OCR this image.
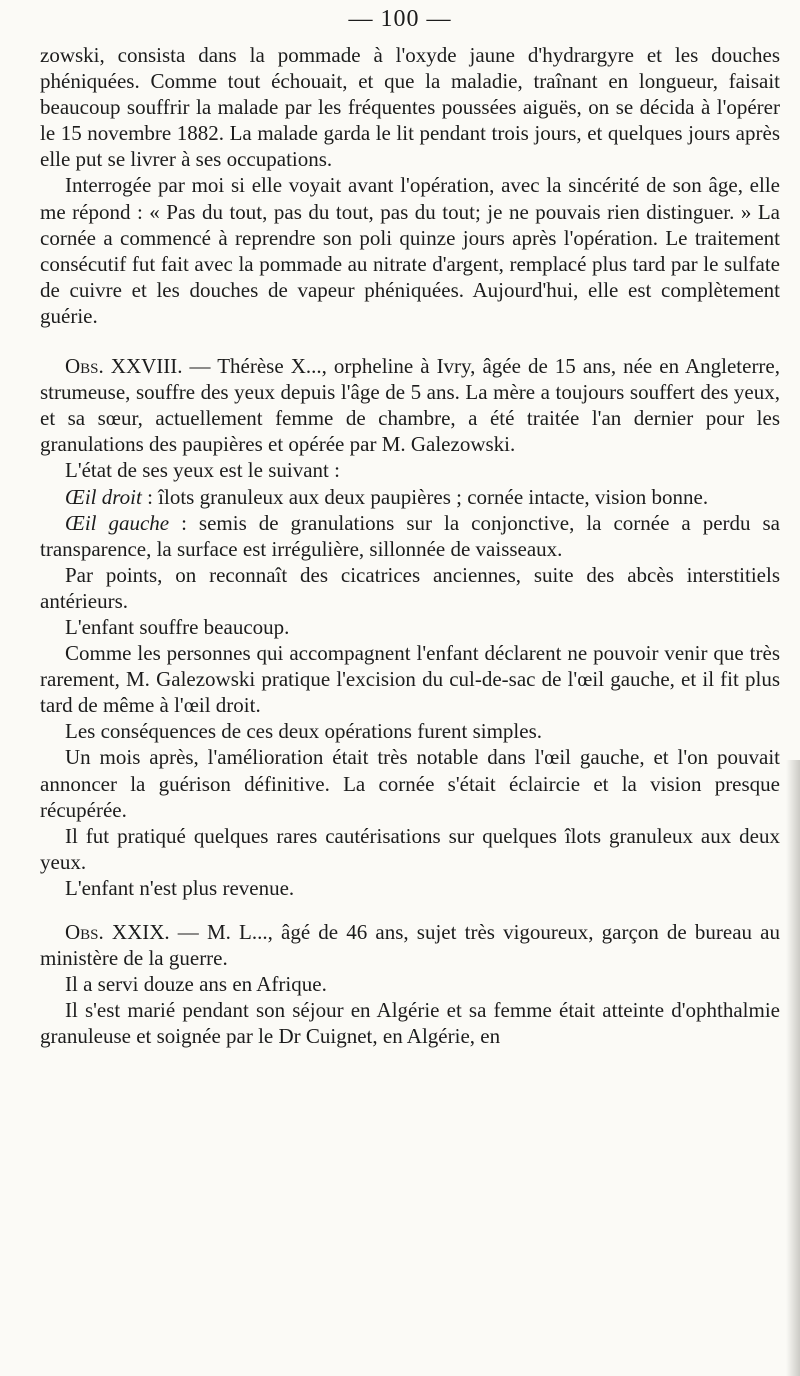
— 100 —

zowski, consista dans la pommade à l'oxyde jaune d'hydrargyre et les douches phéniquées. Comme tout échouait, et que la maladie, traînant en longueur, faisait beaucoup souffrir la malade par les fréquentes poussées aiguës, on se décida à l'opérer le 15 novembre 1882. La malade garda le lit pendant trois jours, et quelques jours après elle put se livrer à ses occupations.

Interrogée par moi si elle voyait avant l'opération, avec la sincérité de son âge, elle me répond : « Pas du tout, pas du tout, pas du tout; je ne pouvais rien distinguer. » La cornée a commencé à reprendre son poli quinze jours après l'opération. Le traitement consécutif fut fait avec la pommade au nitrate d'argent, remplacé plus tard par le sulfate de cuivre et les douches de vapeur phéniquées. Aujourd'hui, elle est complètement guérie.

Obs. XXVIII. — Thérèse X..., orpheline à Ivry, âgée de 15 ans, née en Angleterre, strumeuse, souffre des yeux depuis l'âge de 5 ans. La mère a toujours souffert des yeux, et sa sœur, actuellement femme de chambre, a été traitée l'an dernier pour les granulations des paupières et opérée par M. Galezowski.

L'état de ses yeux est le suivant :

Œil droit : îlots granuleux aux deux paupières ; cornée intacte, vision bonne.

Œil gauche : semis de granulations sur la conjonctive, la cornée a perdu sa transparence, la surface est irrégulière, sillonnée de vaisseaux.

Par points, on reconnaît des cicatrices anciennes, suite des abcès interstitiels antérieurs.

L'enfant souffre beaucoup.

Comme les personnes qui accompagnent l'enfant déclarent ne pouvoir venir que très rarement, M. Galezowski pratique l'excision du cul-de-sac de l'œil gauche, et il fit plus tard de même à l'œil droit.

Les conséquences de ces deux opérations furent simples.

Un mois après, l'amélioration était très notable dans l'œil gauche, et l'on pouvait annoncer la guérison définitive. La cornée s'était éclaircie et la vision presque récupérée.

Il fut pratiqué quelques rares cautérisations sur quelques îlots granuleux aux deux yeux.

L'enfant n'est plus revenue.

Obs. XXIX. — M. L..., âgé de 46 ans, sujet très vigoureux, garçon de bureau au ministère de la guerre.

Il a servi douze ans en Afrique.

Il s'est marié pendant son séjour en Algérie et sa femme était atteinte d'ophthalmie granuleuse et soignée par le Dr Cuignet, en Algérie, en
